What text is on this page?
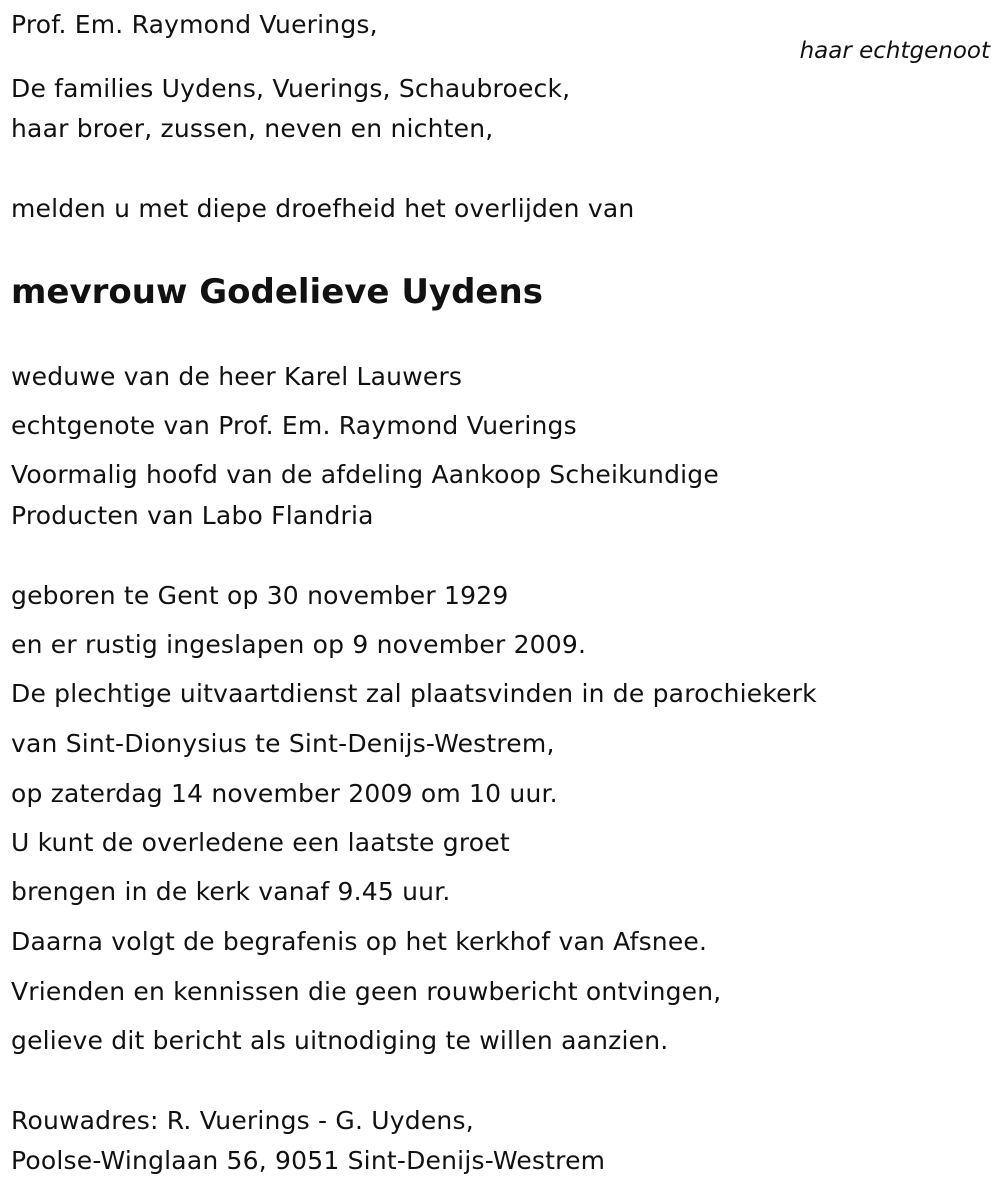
Prof. Em. Raymond Vuerings,
haar echtgenoot
De families Uydens, Vuerings, Schaubroeck,
haar broer, zussen, neven en nichten,
melden u met diepe droefheid het overlijden van
mevrouw Godelieve Uydens
weduwe van de heer Karel Lauwers
echtgenote van Prof. Em. Raymond Vuerings
Voormalig hoofd van de afdeling Aankoop Scheikundige
Producten van Labo Flandria
geboren te Gent op 30 november 1929
en er rustig ingeslapen op 9 november 2009.
De plechtige uitvaartdienst zal plaatsvinden in de parochiekerk
van Sint-Dionysius te Sint-Denijs-Westrem,
op zaterdag 14 november 2009 om 10 uur.
U kunt de overledene een laatste groet
brengen in de kerk vanaf 9.45 uur.
Daarna volgt de begrafenis op het kerkhof van Afsnee.
Vrienden en kennissen die geen rouwbericht ontvingen,
gelieve dit bericht als uitnodiging te willen aanzien.
Rouwadres: R. Vuerings - G. Uydens,
Poolse-Winglaan 56, 9051 Sint-Denijs-Westrem
